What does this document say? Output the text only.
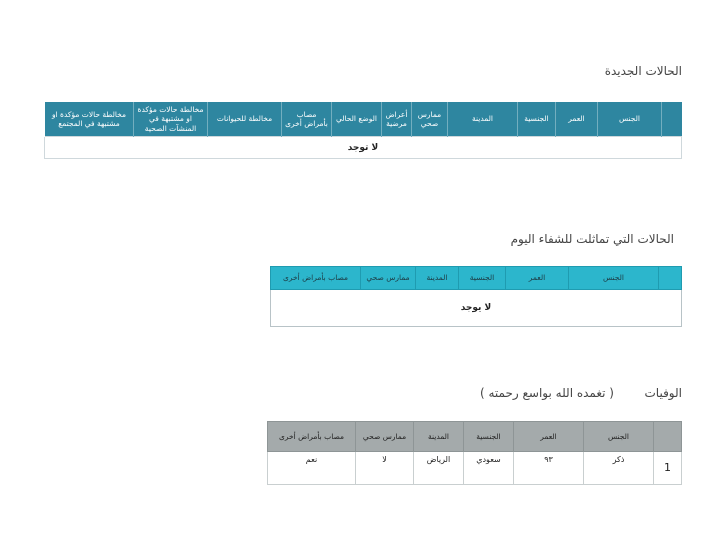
الحالات الجديدة
	الجنس	العمر	الجنسية	المدينة	ممارس صحي	أعراض مرضية	الوضع الحالي	مصاب بأمراض أخرى	مخالطة للحيوانات	مخالطة حالات مؤكدة او مشتبهة في المنشآت الصحية	مخالطة حالات مؤكدة او مشتبهة في المجتمع
لا توجد
الحالات التي تماثلت للشفاء اليوم
	الجنس	العمر	الجنسية	المدينة	ممارس صحي	مصاب بأمراض أخرى
لا يوجد
الوفيات
( تغمده الله بواسع رحمته )
	الجنس	العمر	الجنسية	المدينة	ممارس صحي	مصاب بأمراض أخرى
1	ذكر	٩٣	سعودي	الرياض	لا	نعم
